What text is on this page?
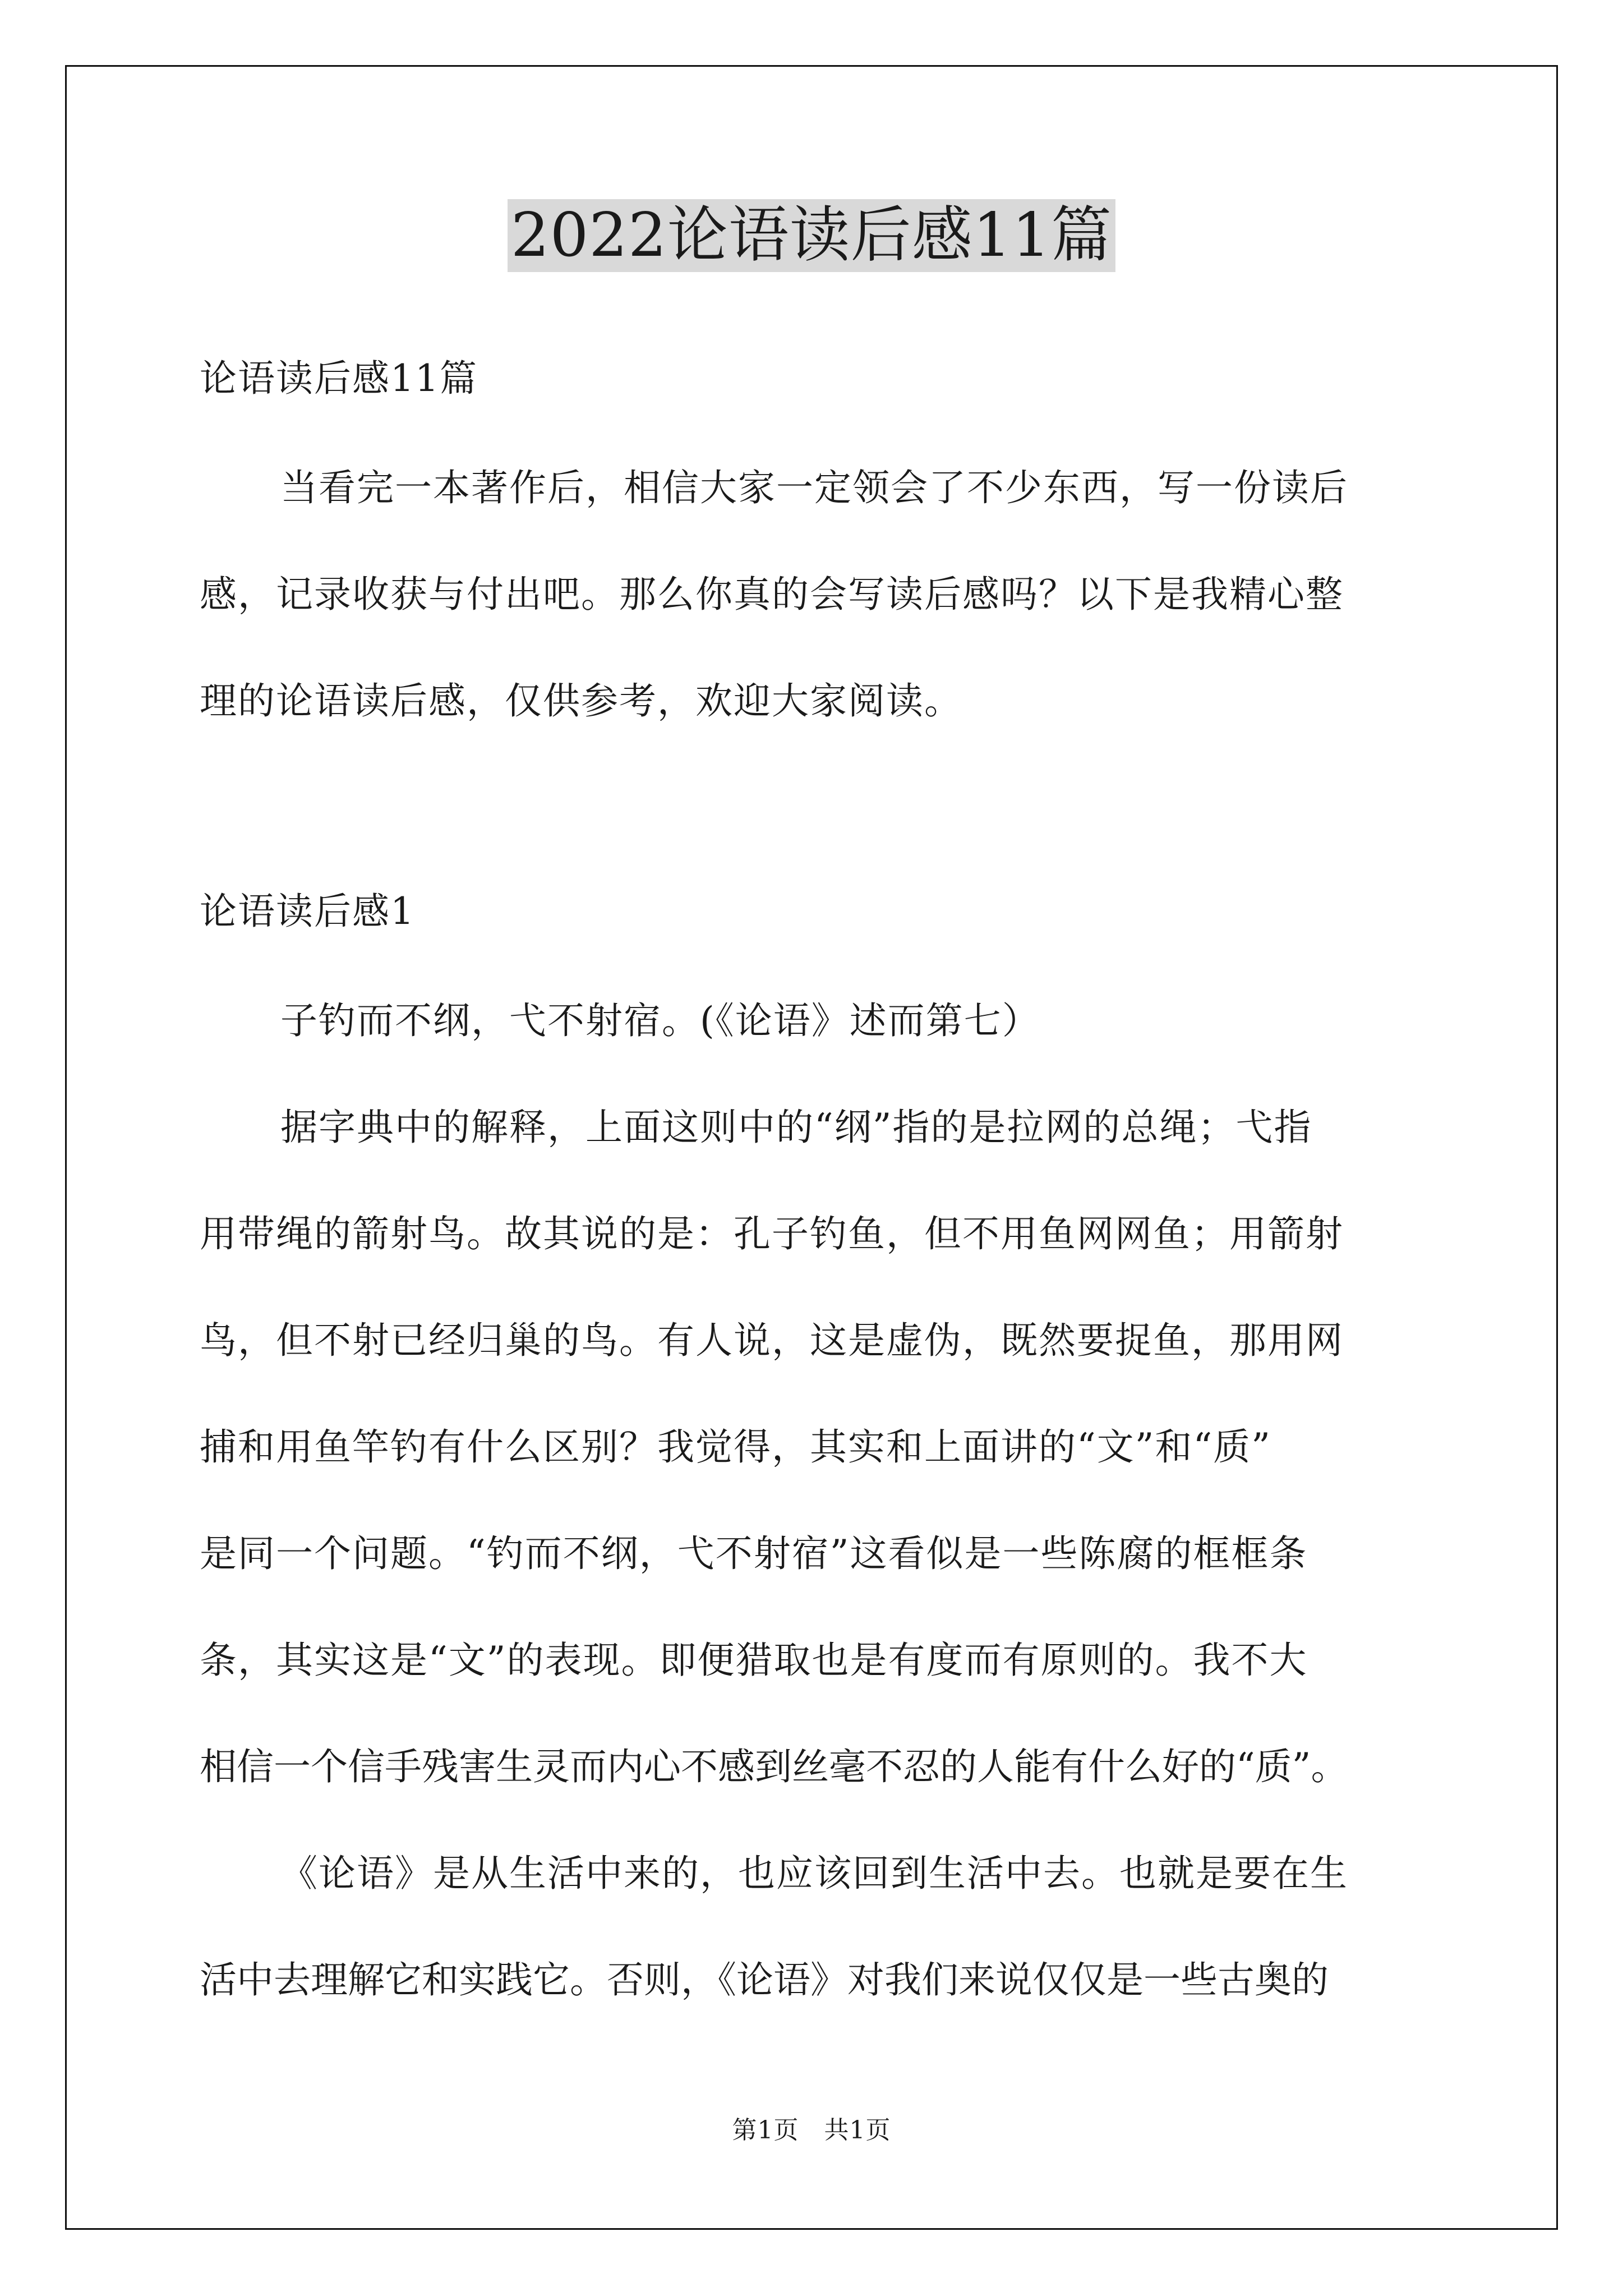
2022论语读后感11篇
论语读后感11篇
当看完一本著作后，相信大家一定领会了不少东西，写一份读后
感，记录收获与付出吧。那么你真的会写读后感吗？以下是我精心整
理的论语读后感，仅供参考，欢迎大家阅读。
论语读后感1
子钓而不纲，弋不射宿。(《论语》述而第七）
据字典中的解释，上面这则中的“纲”指的是拉网的总绳；弋指
用带绳的箭射鸟。故其说的是：孔子钓鱼，但不用鱼网网鱼；用箭射
鸟，但不射已经归巢的鸟。有人说，这是虚伪，既然要捉鱼，那用网
捕和用鱼竿钓有什么区别？我觉得，其实和上面讲的“文”和“质”
是同一个问题。“钓而不纲，弋不射宿”这看似是一些陈腐的框框条
条，其实这是“文”的表现。即便猎取也是有度而有原则的。我不大
相信一个信手残害生灵而内心不感到丝毫不忍的人能有什么好的“质”。
《论语》是从生活中来的，也应该回到生活中去。也就是要在生
活中去理解它和实践它。否则，《论语》对我们来说仅仅是一些古奥的
第1页　共1页
